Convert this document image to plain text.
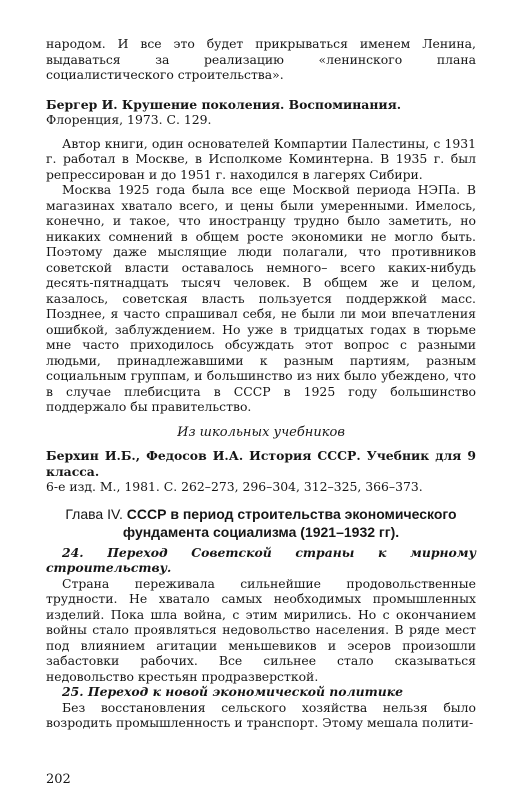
народом. И все это будет прикрываться именем Ленина, выдаваться за реализацию «ленинского плана социалистического строительства».

Бергер И. Крушение поколения. Воспоминания.

Флоренция, 1973. С. 129.

Автор книги, один основателей Компартии Палестины, с 1931 г. работал в Москве, в Исполкоме Коминтерна. В 1935 г. был репрессирован и до 1951 г. находился в лагерях Сибири.

Москва 1925 года была все еще Москвой периода НЭПа. В магазинах хватало всего, и цены были умеренными. Имелось, конечно, и такое, что иностранцу трудно было заметить, но никаких сомнений в общем росте экономики не могло быть. Поэтому даже мыслящие люди полагали, что противников советской власти оставалось немного– всего каких-нибудь десять-пятнадцать тысяч человек. В общем же и целом, казалось, советская власть пользуется поддержкой масс. Позднее, я часто спрашивал себя, не были ли мои впечатления ошибкой, заблуждением. Но уже в тридцатых годах в тюрьме мне часто приходилось обсуждать этот вопрос с разными людьми, принадлежавшими к разным партиям, разным социальным группам, и большинство из них было убеждено, что в случае плебисцита в СССР в 1925 году большинство поддержало бы правительство.

Из школьных учебников

Берхин И.Б., Федосов И.А. История СССР. Учебник для 9 класса.

6-е изд. М., 1981. С. 262–273, 296–304, 312–325, 366–373.

Глава IV. СССР в период строительства экономического фундамента социализма (1921–1932 гг).

24. Переход Советской страны к мирному строительству.

Страна переживала сильнейшие продовольственные трудности. Не хватало самых необходимых промышленных изделий. Пока шла война, с этим мирились. Но с окончанием войны стало проявляться недовольство населения. В ряде мест под влиянием агитации меньшевиков и эсеров произошли забастовки рабочих. Все сильнее стало сказываться недовольство крестьян продразверсткой.

25. Переход к новой экономической политике

Без восстановления сельского хозяйства нельзя было возродить промышленность и транспорт. Этому мешала полити-

202
